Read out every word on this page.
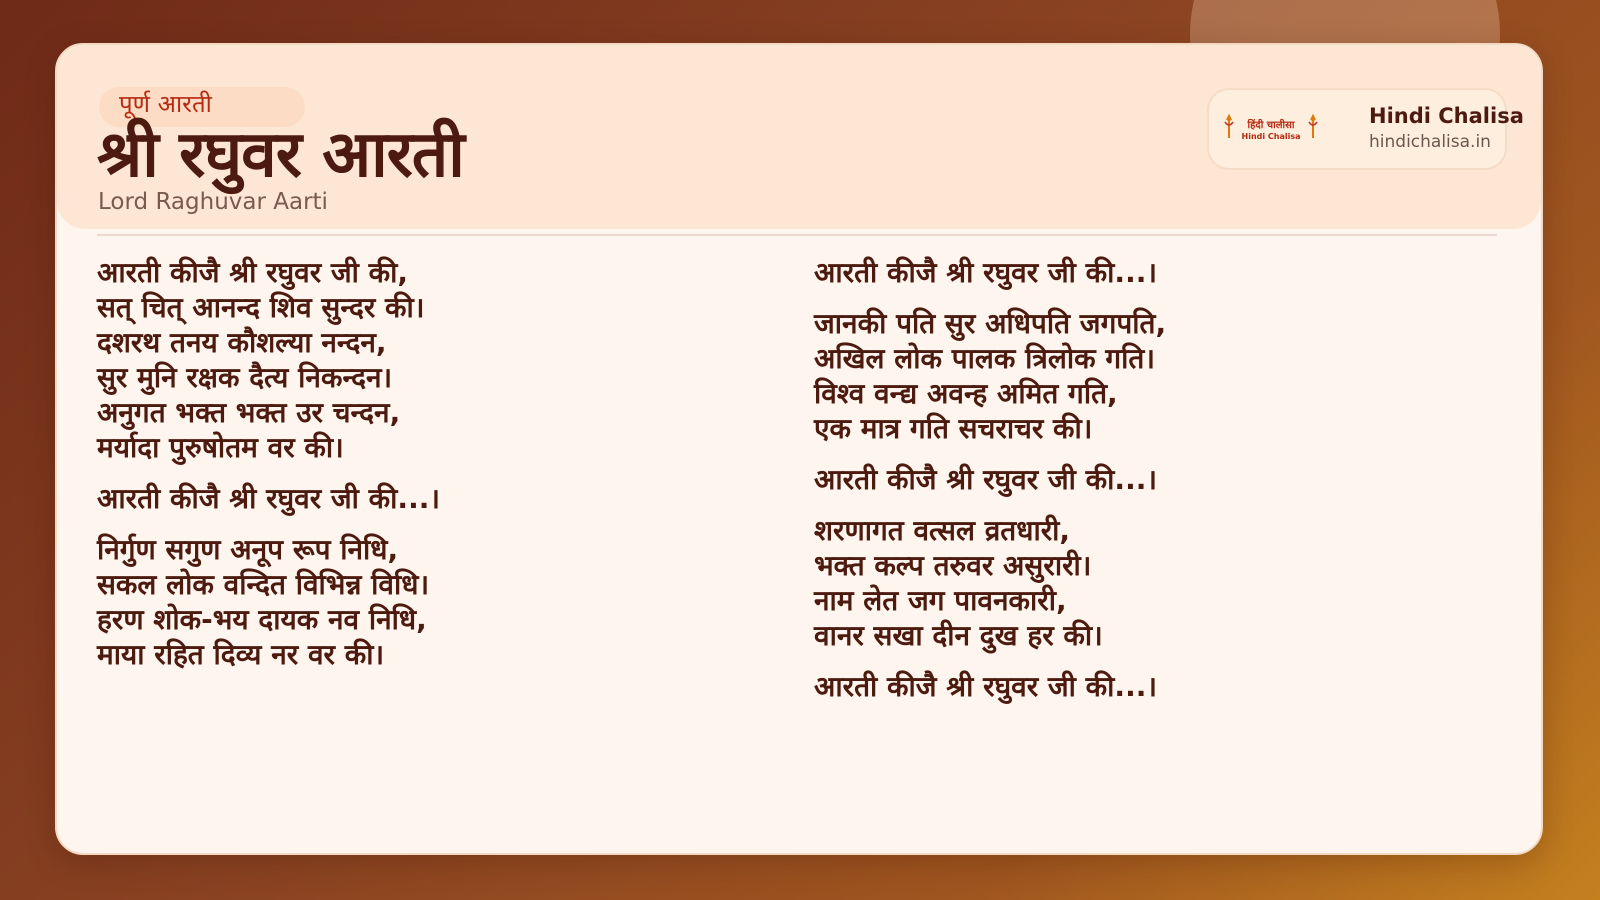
पूर्ण आरती
श्री रघुवर आरती
Lord Raghuvar Aarti
हिंदी चालीसा
Hindi Chalisa
Hindi Chalisa
hindichalisa.in
आरती कीजै श्री रघुवर जी की,
सत् चित् आनन्द शिव सुन्दर की।
दशरथ तनय कौशल्या नन्दन,
सुर मुनि रक्षक दैत्य निकन्दन।
अनुगत भक्त भक्त उर चन्दन,
मर्यादा पुरुषोतम वर की।
आरती कीजै श्री रघुवर जी की...।
निर्गुण सगुण अनूप रूप निधि,
सकल लोक वन्दित विभिन्न विधि।
हरण शोक-भय दायक नव निधि,
माया रहित दिव्य नर वर की।
आरती कीजै श्री रघुवर जी की...।
जानकी पति सुर अधिपति जगपति,
अखिल लोक पालक त्रिलोक गति।
विश्व वन्द्य अवन्ह अमित गति,
एक मात्र गति सचराचर की।
आरती कीजै श्री रघुवर जी की...।
शरणागत वत्सल व्रतधारी,
भक्त कल्प तरुवर असुरारी।
नाम लेत जग पावनकारी,
वानर सखा दीन दुख हर की।
आरती कीजै श्री रघुवर जी की...।
